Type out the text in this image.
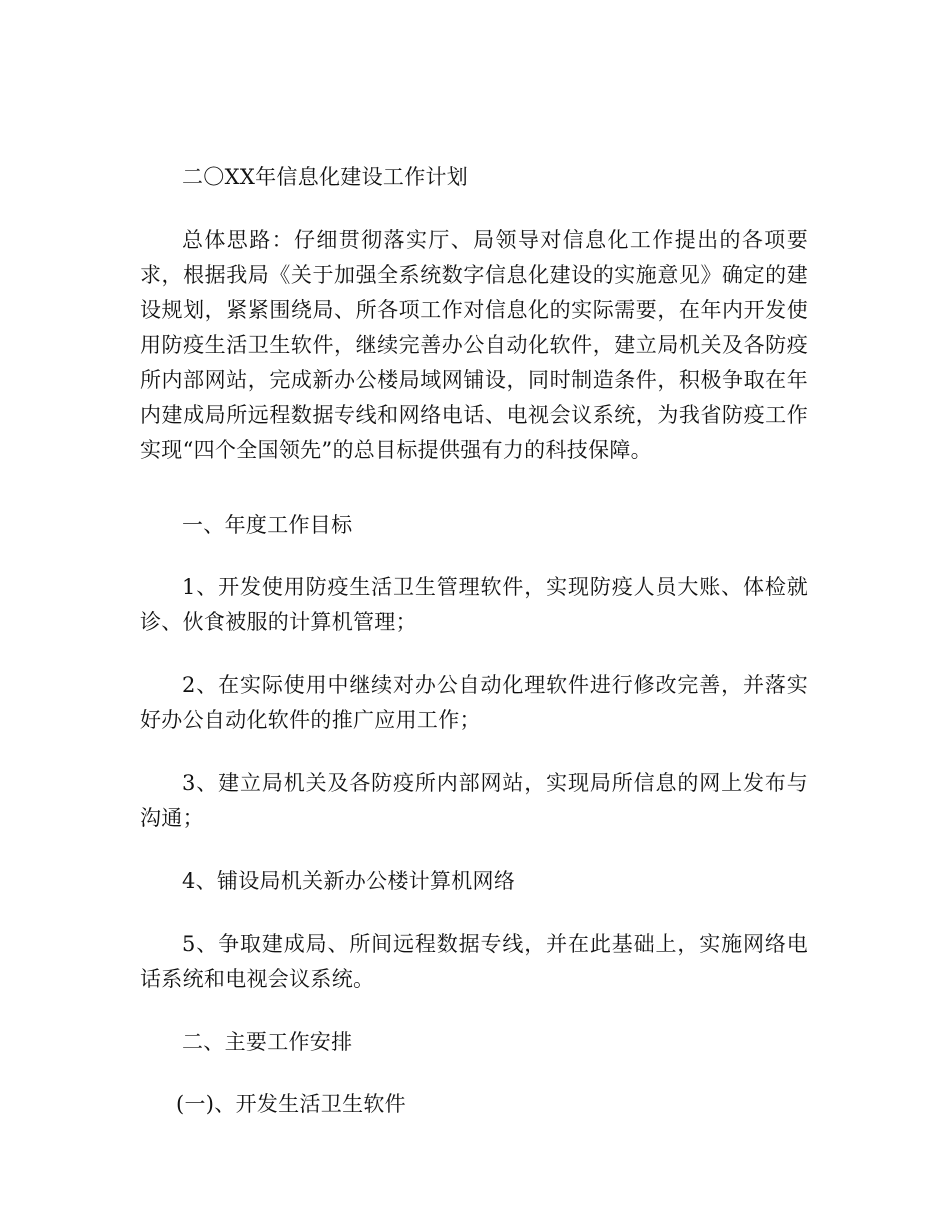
二〇XX年信息化建设工作计划

总体思路：仔细贯彻落实厅、局领导对信息化工作提出的各项要求，根据我局《关于加强全系统数字信息化建设的实施意见》确定的建设规划，紧紧围绕局、所各项工作对信息化的实际需要，在年内开发使用防疫生活卫生软件，继续完善办公自动化软件，建立局机关及各防疫所内部网站，完成新办公楼局域网铺设，同时制造条件，积极争取在年内建成局所远程数据专线和网络电话、电视会议系统，为我省防疫工作实现“四个全国领先”的总目标提供强有力的科技保障。

一、年度工作目标

1、开发使用防疫生活卫生管理软件，实现防疫人员大账、体检就诊、伙食被服的计算机管理；

2、在实际使用中继续对办公自动化理软件进行修改完善，并落实好办公自动化软件的推广应用工作；

3、建立局机关及各防疫所内部网站，实现局所信息的网上发布与沟通；

4、铺设局机关新办公楼计算机网络

5、争取建成局、所间远程数据专线，并在此基础上，实施网络电话系统和电视会议系统。

二、主要工作安排

(一)、开发生活卫生软件
